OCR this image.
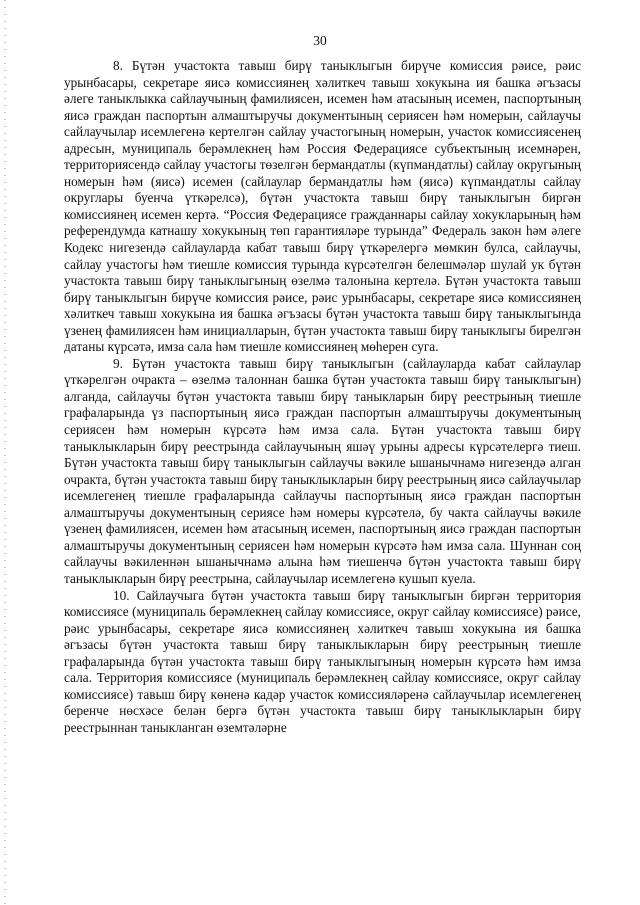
30

8. Бүтән участокта тавыш бирү таныклыгын бирүче комиссия рәисе, рәис урынбасары, секретаре яисә комиссиянең хәлиткеч тавыш хокукына ия башка әгъзасы әлеге таныклыкка сайлаучының фамилиясен, исемен һәм атасының исемен, паспортының яисә граждан паспортын алмаштыручы документының сериясен һәм номерын, сайлаучы сайлаучылар исемлегенә кертелгән сайлау участогының номерын, участок комиссиясенең адресын, муниципаль берәмлекнең һәм Россия Федерациясе субъектының исемнәрен, территориясендә сайлау участогы төзелгән бермандатлы (күпмандатлы) сайлау округының номерын һәм (яисә) исемен (сайлаулар бермандатлы һәм (яисә) күпмандатлы сайлау округлары буенча үткәрелсә), бүтән участокта тавыш бирү таныклыгын биргән комиссиянең исемен кертә. “Россия Федерациясе гражданнары сайлау хокукларының һәм референдумда катнашу хокукының төп гарантияләре турында” Федераль закон һәм әлеге Кодекс нигезендә сайлауларда кабат тавыш бирү үткәрелергә мөмкин булса, сайлаучы, сайлау участогы һәм тиешле комиссия турында күрсәтелгән белешмәләр шулай ук бүтән участокта тавыш бирү таныклыгының өзелмә талонына кертелә. Бүтән участокта тавыш бирү таныклыгын бирүче комиссия рәисе, рәис урынбасары, секретаре яисә комиссиянең хәлиткеч тавыш хокукына ия башка әгъзасы бүтән участокта тавыш бирү таныклыгында үзенең фамилиясен һәм инициалларын, бүтән участокта тавыш бирү таныклыгы бирелгән датаны күрсәтә, имза сала һәм тиешле комиссиянең мөһерен суга.

9. Бүтән участокта тавыш бирү таныклыгын (сайлауларда кабат сайлаулар үткәрелгән очракта – өзелмә талоннан башка бүтән участокта тавыш бирү таныклыгын) алганда, сайлаучы бүтән участокта тавыш бирү таныкларын бирү реестрының тиешле графаларында үз паспортының яисә граждан паспортын алмаштыручы документының сериясен һәм номерын күрсәтә һәм имза сала. Бүтән участокта тавыш бирү таныклыкларын бирү реестрында сайлаучының яшәү урыны адресы күрсәтелергә тиеш. Бүтән участокта тавыш бирү таныклыгын сайлаучы вәкиле ышанычнамә нигезендә алган очракта, бүтән участокта тавыш бирү таныклыкларын бирү реестрының яисә сайлаучылар исемлегенең тиешле графаларында сайлаучы паспортының яисә граждан паспортын алмаштыручы документының сериясе һәм номеры күрсәтелә, бу чакта сайлаучы вәкиле үзенең фамилиясен, исемен һәм атасының исемен, паспортының яисә граждан паспортын алмаштыручы документының сериясен һәм номерын күрсәтә һәм имза сала. Шуннан соң сайлаучы вәкиленнән ышанычнамә алына һәм тиешенчә бүтән участокта тавыш бирү таныклыкларын бирү реестрына, сайлаучылар исемлегенә кушып куела.

10. Сайлаучыга бүтән участокта тавыш бирү таныклыгын биргән территория комиссиясе (муниципаль берәмлекнең сайлау комиссиясе, округ сайлау комиссиясе) рәисе, рәис урынбасары, секретаре яисә комиссиянең хәлиткеч тавыш хокукына ия башка әгъзасы бүтән участокта тавыш бирү таныклыкларын бирү реестрының тиешле графаларында бүтән участокта тавыш бирү таныклыгының номерын күрсәтә һәм имза сала. Территория комиссиясе (муниципаль берәмлекнең сайлау комиссиясе, округ сайлау комиссиясе) тавыш бирү көненә кадәр участок комиссияләренә сайлаучылар исемлегенең беренче нөсхәсе белән бергә бүтән участокта тавыш бирү таныклыкларын бирү реестрыннан таныкланган өземтәләрне
